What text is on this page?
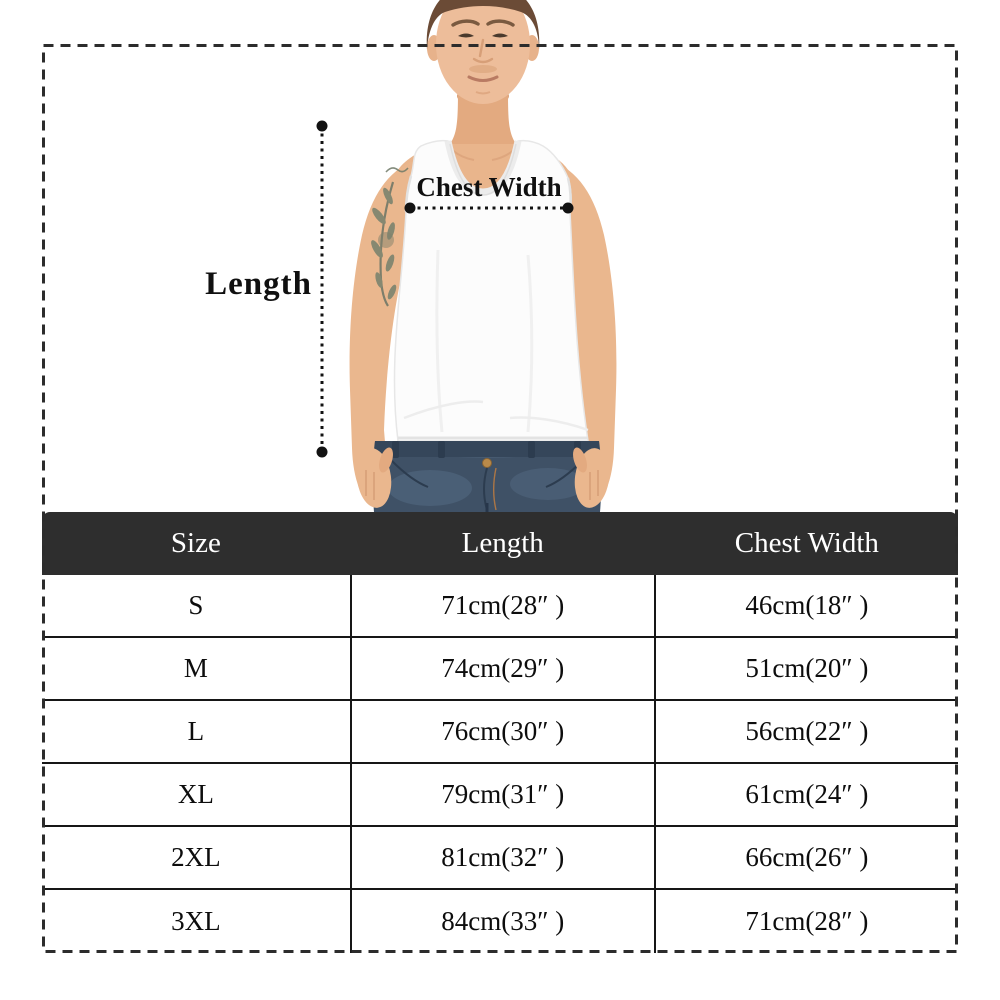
Length
Chest Width
Size	Length	Chest Width
S	71cm(28″ )	46cm(18″ )
M	74cm(29″ )	51cm(20″ )
L	76cm(30″ )	56cm(22″ )
XL	79cm(31″ )	61cm(24″ )
2XL	81cm(32″ )	66cm(26″ )
3XL	84cm(33″ )	71cm(28″ )
